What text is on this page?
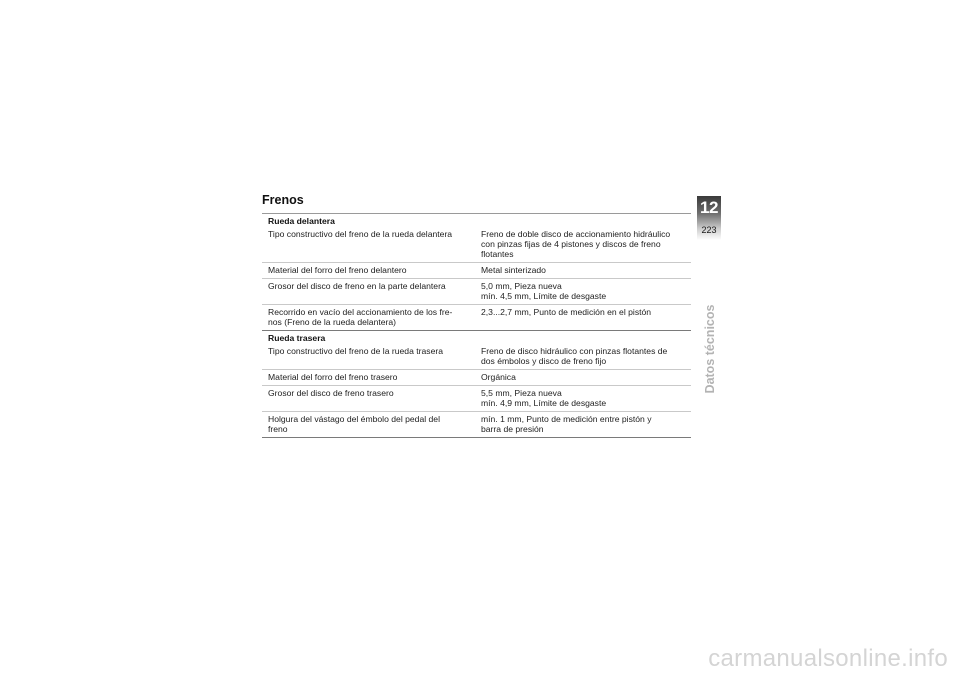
Frenos
Rueda delantera	

Tipo constructivo del freno de la rueda delantera	Freno de doble disco de accionamiento hidráulico
con pinzas fijas de 4 pistones y discos de freno
flotantes

Material del forro del freno delantero	Metal sinterizado

Grosor del disco de freno en la parte delantera	5,0 mm, Pieza nueva
mín. 4,5 mm, Límite de desgaste

Recorrido en vacío del accionamiento de los fre-
nos (Freno de la rueda delantera)	2,3...2,7 mm, Punto de medición en el pistón

Rueda trasera	

Tipo constructivo del freno de la rueda trasera	Freno de disco hidráulico con pinzas flotantes de
dos émbolos y disco de freno fijo

Material del forro del freno trasero	Orgánica

Grosor del disco de freno trasero	5,5 mm, Pieza nueva
mín. 4,9 mm, Límite de desgaste

Holgura del vástago del émbolo del pedal del
freno	mín. 1 mm, Punto de medición entre pistón y
barra de presión
12
223
Datos técnicos
carmanualsonline.info
